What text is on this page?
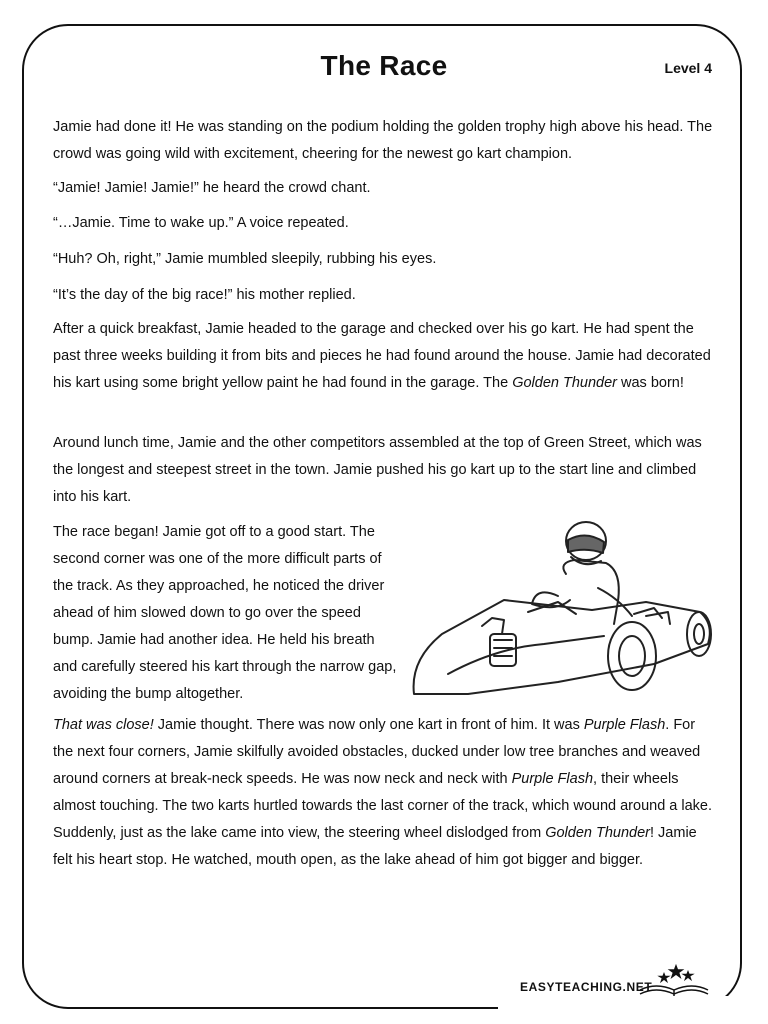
The Race	Level 4

Jamie had done it! He was standing on the podium holding the golden trophy high above his head. The crowd was going wild with excitement, cheering for the newest go kart champion.

“Jamie! Jamie! Jamie!” he heard the crowd chant.

“…Jamie. Time to wake up.” A voice repeated.

“Huh? Oh, right,” Jamie mumbled sleepily, rubbing his eyes.

“It’s the day of the big race!” his mother replied.

After a quick breakfast, Jamie headed to the garage and checked over his go kart. He had spent the past three weeks building it from bits and pieces he had found around the house. Jamie had decorated his kart using some bright yellow paint he had found in the garage. The Golden Thunder was born!

Around lunch time, Jamie and the other competitors assembled at the top of Green Street, which was the longest and steepest street in the town. Jamie pushed his go kart up to the start line and climbed into his kart.

The race began! Jamie got off to a good start. The second corner was one of the more difficult parts of the track. As they approached, he noticed the driver ahead of him slowed down to go over the speed bump. Jamie had another idea. He held his breath and carefully steered his kart through the narrow gap, avoiding the bump altogether.

That was close! Jamie thought. There was now only one kart in front of him. It was Purple Flash. For the next four corners, Jamie skilfully avoided obstacles, ducked under low tree branches and weaved around corners at break-neck speeds. He was now neck and neck with Purple Flash, their wheels almost touching. The two karts hurtled towards the last corner of the track, which wound around a lake. Suddenly, just as the lake came into view, the steering wheel dislodged from Golden Thunder! Jamie felt his heart stop. He watched, mouth open, as the lake ahead of him got bigger and bigger.

EASYTEACHING.NET
